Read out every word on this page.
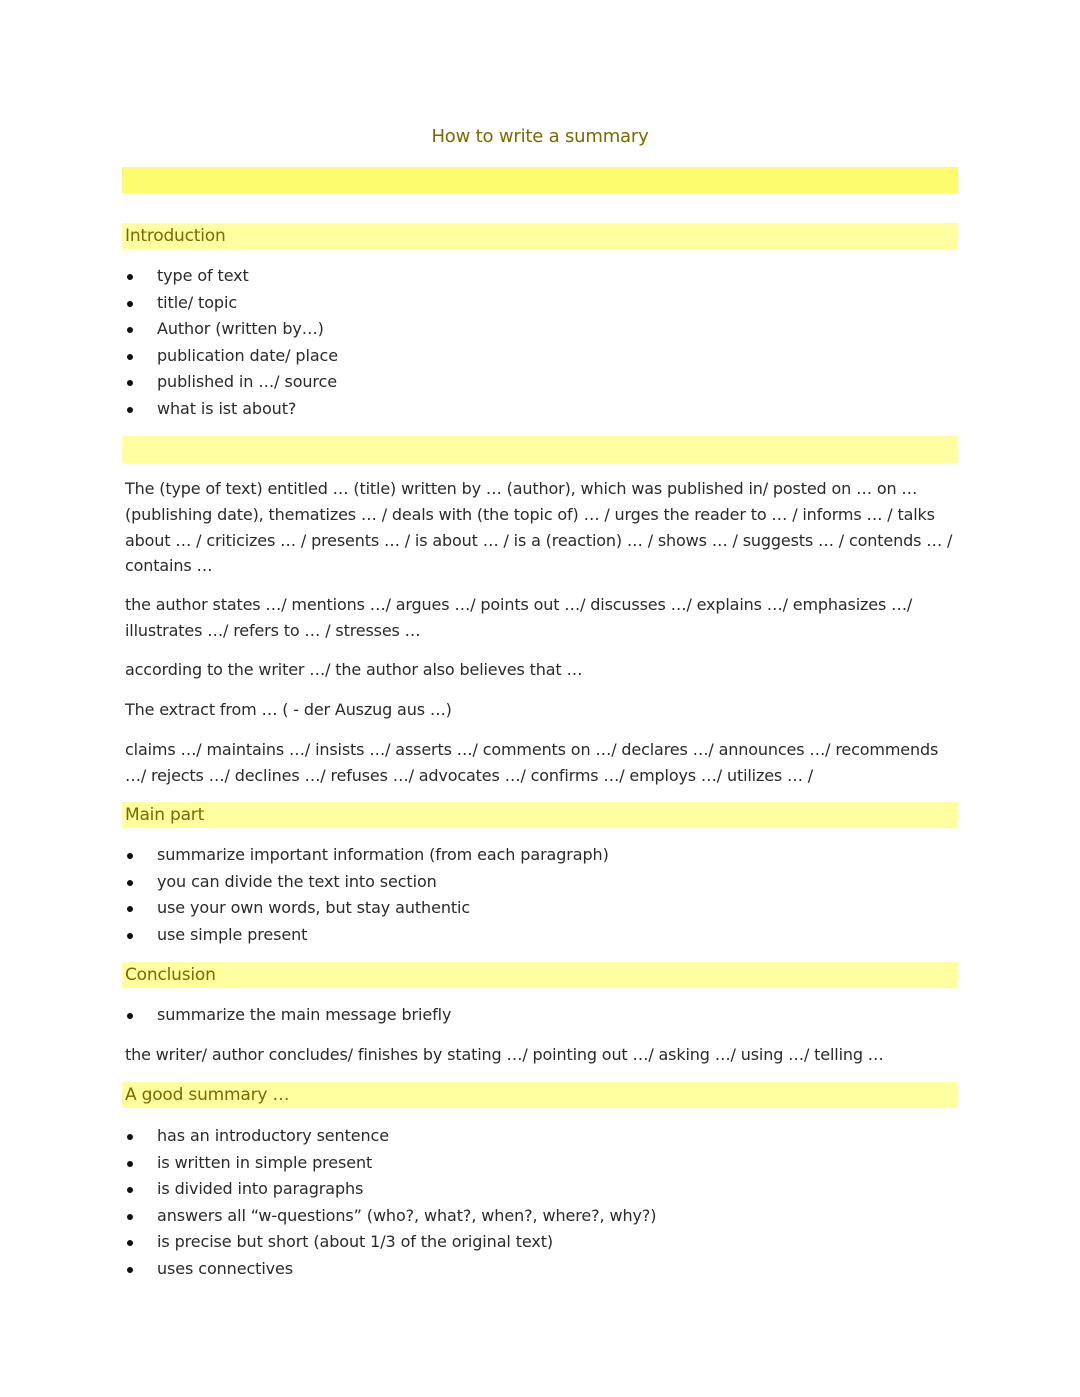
How to write a summary
Introduction
type of text
title/ topic
Author (written by…)
publication date/ place
published in …/ source
what is ist about?

The (type of text) entitled … (title) written by … (author), which was published in/ posted on … on … (publishing date), thematizes … / deals with (the topic of) … / urges the reader to … / informs … / talks about … / criticizes … / presents … / is about … / is a (reaction) … / shows … / suggests … / contends … / contains …

the author states …/ mentions …/ argues …/ points out …/ discusses …/ explains …/ emphasizes …/ illustrates …/ refers to … / stresses …

according to the writer …/ the author also believes that …

The extract from … ( - der Auszug aus …)

claims …/ maintains …/ insists …/ asserts …/ comments on …/ declares …/ announces …/ recommends …/ rejects …/ declines …/ refuses …/ advocates …/ confirms …/ employs …/ utilizes … /

Main part
summarize important information (from each paragraph)
you can divide the text into section
use your own words, but stay authentic
use simple present
Conclusion
summarize the main message briefly

the writer/ author concludes/ finishes by stating …/ pointing out …/ asking …/ using …/ telling …

A good summary …
has an introductory sentence
is written in simple present
is divided into paragraphs
answers all “w-questions” (who?, what?, when?, where?, why?)
is precise but short (about 1/3 of the original text)
uses connectives
